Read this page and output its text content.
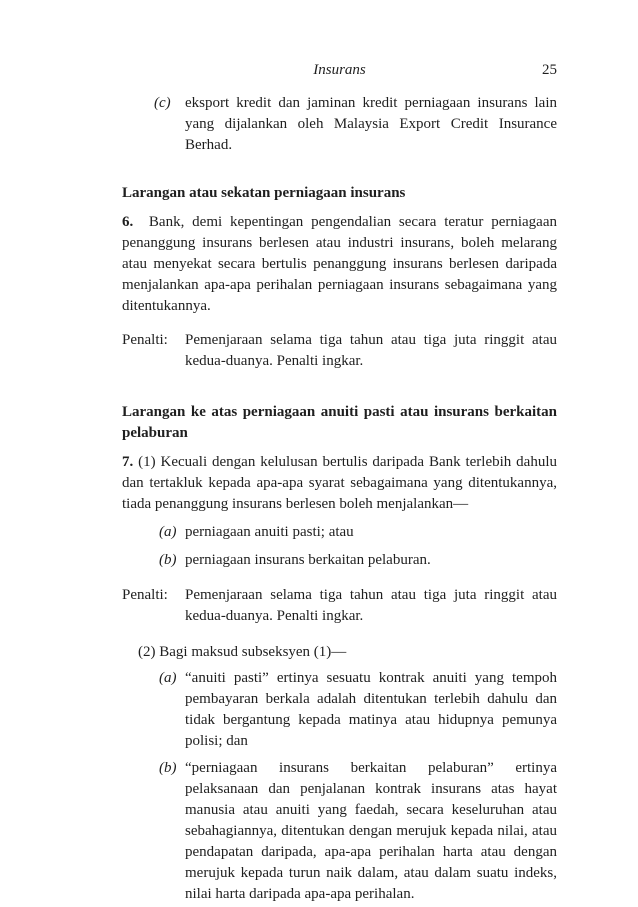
Insurans	25
(c) eksport kredit dan jaminan kredit perniagaan insurans lain yang dijalankan oleh Malaysia Export Credit Insurance Berhad.
Larangan atau sekatan perniagaan insurans

6. Bank, demi kepentingan pengendalian secara teratur perniagaan penanggung insurans berlesen atau industri insurans, boleh melarang atau menyekat secara bertulis penanggung insurans berlesen daripada menjalankan apa-apa perihalan perniagaan insurans sebagaimana yang ditentukannya.

Penalti: Pemenjaraan selama tiga tahun atau tiga juta ringgit atau kedua-duanya. Penalti ingkar.
Larangan ke atas perniagaan anuiti pasti atau insurans berkaitan pelaburan

7. (1) Kecuali dengan kelulusan bertulis daripada Bank terlebih dahulu dan tertakluk kepada apa-apa syarat sebagaimana yang ditentukannya, tiada penanggung insurans berlesen boleh menjalankan—

(a) perniagaan anuiti pasti; atau
(b) perniagaan insurans berkaitan pelaburan.
Penalti: Pemenjaraan selama tiga tahun atau tiga juta ringgit atau kedua-duanya. Penalti ingkar.
(2) Bagi maksud subseksyen (1)—
(a) “anuiti pasti” ertinya sesuatu kontrak anuiti yang tempoh pembayaran berkala adalah ditentukan terlebih dahulu dan tidak bergantung kepada matinya atau hidupnya pemunya polisi; dan
(b) “perniagaan insurans berkaitan pelaburan” ertinya pelaksanaan dan penjalanan kontrak insurans atas hayat manusia atau anuiti yang faedah, secara keseluruhan atau sebahagiannya, ditentukan dengan merujuk kepada nilai, atau pendapatan daripada, apa-apa perihalan harta atau dengan merujuk kepada turun naik dalam, atau dalam suatu indeks, nilai harta daripada apa-apa perihalan.
